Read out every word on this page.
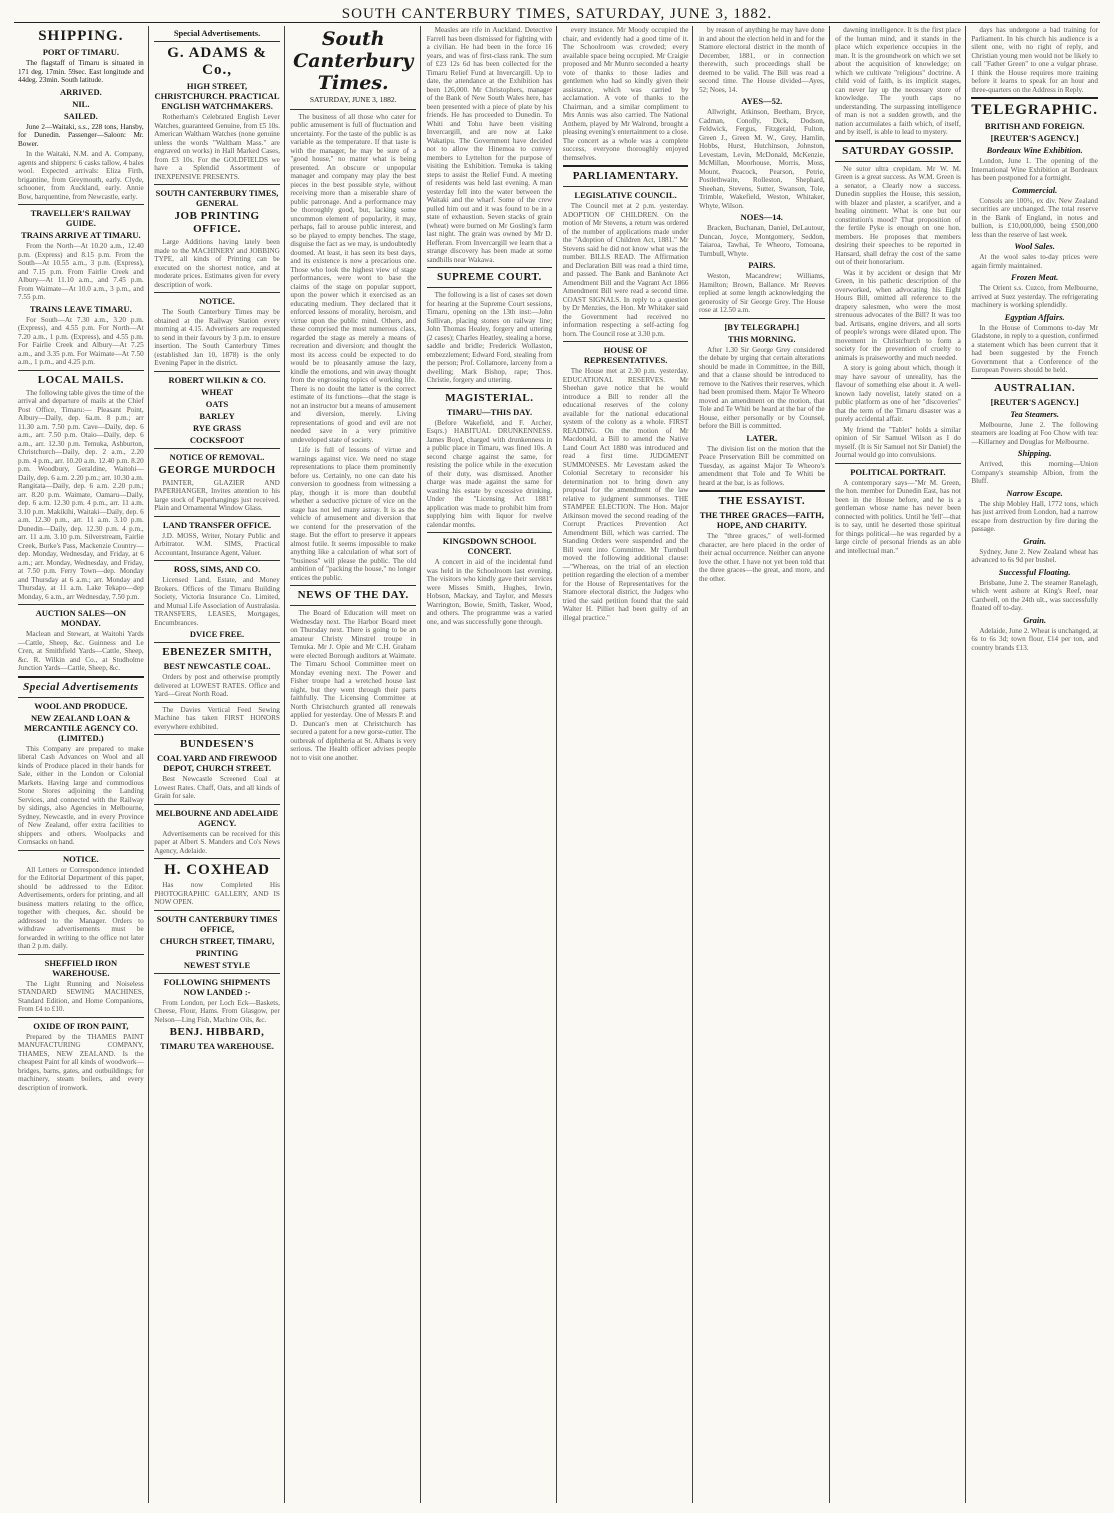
SOUTH CANTERBURY TIMES, SATURDAY, JUNE 3, 1882.
SHIPPING.
PORT OF TIMARU.

The flagstaff of Timaru is situated in 171 deg. 17min. 59sec. East longitude and 44deg. 23min. South latitude.

ARRIVED.
NIL.
SAILED.

June 2—Waitaki, s.s., 228 tons, Hansby, for Dunedin. Passenger—Saloon: Mr. Bower.

In the Waitaki, N.M. and A. Company, agents and shippers: 6 casks tallow, 4 bales wool. Expected arrivals: Eliza Firth, brigantine, from Greymouth, early. Clyde, schooner, from Auckland, early. Annie Bow, barquentine, from Newcastle, early.

TRAVELLER'S RAILWAY GUIDE.
TRAINS ARRIVE AT TIMARU.

From the North—At 10.20 a.m., 12.40 p.m. (Express) and 8.15 p.m. From the South—At 10.55 a.m., 3 p.m. (Express), and 7.15 p.m. From Fairlie Creek and Albury—At 11.10 a.m., and 7.45 p.m. From Waimate—At 10.0 a.m., 3 p.m., and 7.55 p.m.

TRAINS LEAVE TIMARU.

For South—At 7.30 a.m., 3.20 p.m. (Express), and 4.55 p.m. For North—At 7.20 a.m., 1 p.m. (Express), and 4.55 p.m. For Fairlie Creek and Albury—At 7.25 a.m., and 3.35 p.m. For Waimate—At 7.50 a.m., 1 p.m., and 4.25 p.m.

LOCAL MAILS.

The following table gives the time of the arrival and departure of mails at the Chief Post Office, Timaru:— Pleasant Point, Albury—Daily, dep. 6a.m. 8 p.m.; arr 11.30 a.m. 7.50 p.m. Cave—Daily, dep. 6 a.m., arr. 7.50 p.m. Otaio—Daily, dep. 6 a.m., arr. 12.30 p.m. Temuka, Ashburton, Christchurch—Daily, dep. 2 a.m., 2.20 p.m. 4 p.m., arr. 10.20 a.m. 12.40 p.m. 8.20 p.m. Woodbury, Geraldine, Waitohi—Daily, dep. 6 a.m. 2.20 p.m.; arr. 10.30 a.m. Rangitata—Daily, dep. 6 a.m. 2.20 p.m.; arr. 8.20 p.m. Waimate, Oamaru—Daily, dep. 6 a.m. 12.30 p.m. 4 p.m., arr. 11 a.m. 3.10 p.m. Makikihi, Waitaki—Daily, dep. 6 a.m. 12.30 p.m., arr. 11 a.m. 3.10 p.m. Dunedin—Daily, dep. 12.30 p.m. 4 p.m., arr. 11 a.m. 3.10 p.m. Silverstream, Fairlie Creek, Burke's Pass, Mackenzie Country—dep. Monday, Wednesday, and Friday, at 6 a.m.; arr. Monday, Wednesday, and Friday, at 7.50 p.m. Ferry Town—dep. Monday and Thursday at 6 a.m.; arr. Monday and Thursday, at 11 a.m. Lake Tekapo—dep Monday, 6 a.m., arr Wednesday, 7.50 p.m.

AUCTION SALES—ON MONDAY.

Maclean and Stewart, at Waitohi Yards—Cattle, Sheep, &c. Guinness and Le Cren, at Smithfield Yards—Cattle, Sheep, &c. R. Wilkin and Co., at Studholme Junction Yards—Cattle, Sheep, &c.

Special Advertisements
WOOL AND PRODUCE.
NEW ZEALAND LOAN & MERCANTILE AGENCY CO. (LIMITED.)

This Company are prepared to make liberal Cash Advances on Wool and all kinds of Produce placed in their hands for Sale, either in the London or Colonial Markets. Having large and commodious Stone Stores adjoining the Landing Services, and connected with the Railway by sidings, also Agencies in Melbourne, Sydney, Newcastle, and in every Province of New Zealand, offer extra facilities to shippers and others. Woolpacks and Cornsacks on hand.

NOTICE.

All Letters or Correspondence intended for the Editorial Department of this paper, should be addressed to the Editor. Advertisements, orders for printing, and all business matters relating to the office, together with cheques, &c. should be addressed to the Manager. Orders to withdraw advertisements must be forwarded in writing to the office not later than 2 p.m. daily.

SHEFFIELD IRON WAREHOUSE.

The Light Running and Noiseless STANDARD SEWING MACHINES, Standard Edition, and Home Companions, From £4 to £10.

OXIDE OF IRON PAINT,

Prepared by the THAMES PAINT MANUFACTURING COMPANY, THAMES, NEW ZEALAND. Is the cheapest Paint for all kinds of woodwork—bridges, barns, gates, and outbuildings; for machinery, steam boilers, and every description of ironwork.

Special Advertisements.
G. ADAMS & Co.,
HIGH STREET, CHRISTCHURCH. PRACTICAL ENGLISH WATCHMAKERS.

Rotherham's Celebrated English Lever Watches, guaranteed Genuine, from £5 10s. American Waltham Watches (none genuine unless the words "Waltham Mass." are engraved on works) in Hall Marked Cases, from £3 10s. For the GOLDFIELDS we have a Splendid Assortment of INEXPENSIVE PRESENTS.

SOUTH CANTERBURY TIMES, GENERAL
JOB PRINTING OFFICE.

Large Additions having lately been made to the MACHINERY and JOBBING TYPE, all kinds of Printing can be executed on the shortest notice, and at moderate prices. Estimates given for every description of work.

NOTICE.

The South Canterbury Times may be obtained at the Railway Station every morning at 4.15. Advertisers are requested to send in their favours by 3 p.m. to ensure insertion. The South Canterbury Times (established Jan 10, 1878) is the only Evening Paper in the district.

ROBERT WILKIN & CO.
WHEAT
OATS
BARLEY
RYE GRASS
COCKSFOOT
NOTICE OF REMOVAL.
GEORGE MURDOCH

PAINTER, GLAZIER AND PAPERHANGER, Invites attention to his large stock of Paperhangings just received. Plain and Ornamental Window Glass.

LAND TRANSFER OFFICE.

J.D. MOSS, Writer, Notary Public and Arbitrator. W.M. SIMS, Practical Accountant, Insurance Agent, Valuer.

ROSS, SIMS, AND CO.

Licensed Land, Estate, and Money Brokers. Offices of the Timaru Building Society, Victoria Insurance Co. Limited, and Mutual Life Association of Australasia. TRANSFERS, LEASES, Mortgages, Encumbrances.

DVICE FREE.
EBENEZER SMITH,
BEST NEWCASTLE COAL.

Orders by post and otherwise promptly delivered at LOWEST RATES. Office and Yard—Great North Road.

The Davies Vertical Feed Sewing Machine has taken FIRST HONORS everywhere exhibited.

BUNDESEN'S
COAL YARD AND FIREWOOD DEPOT, CHURCH STREET.

Best Newcastle Screened Coal at Lowest Rates. Chaff, Oats, and all kinds of Grain for sale.

MELBOURNE AND ADELAIDE AGENCY.

Advertisements can be received for this paper at Albert S. Manders and Co's News Agency, Adelaide.

H. COXHEAD

Has now Completed His PHOTOGRAPHIC GALLERY, AND IS NOW OPEN.

SOUTH CANTERBURY TIMES OFFICE,
CHURCH STREET, TIMARU,
PRINTING
NEWEST STYLE
FOLLOWING SHIPMENTS NOW LANDED :-

From London, per Loch Eck—Baskets, Cheese, Flour, Hams. From Glasgow, per Nelson—Ling Fish, Machine Oils, &c.

BENJ. HIBBARD,
TIMARU TEA WAREHOUSE.
South Canterbury Times.
SATURDAY, JUNE 3, 1882.

The business of all those who cater for public amusement is full of fluctuation and uncertainty. For the taste of the public is as variable as the temperature. If that taste is with the manager, he may be sure of a "good house," no matter what is being presented. An obscure or unpopular manager and company may play the best pieces in the best possible style, without receiving more than a miserable share of public patronage. And a performance may be thoroughly good, but, lacking some uncommon element of popularity, it may, perhaps, fail to arouse public interest, and so be played to empty benches. The stage, disguise the fact as we may, is undoubtedly doomed. At least, it has seen its best days, and its existence is now a precarious one. Those who look the highest view of stage performances, were wont to base the claims of the stage on popular support, upon the power which it exercised as an educating medium. They declared that it enforced lessons of morality, heroism, and virtue upon the public mind. Others, and these comprised the most numerous class, regarded the stage as merely a means of recreation and diversion; and thought the most its access could be expected to do would be to pleasantly amuse the lazy, kindle the emotions, and win away thought from the engrossing topics of working life. There is no doubt the latter is the correct estimate of its functions—that the stage is not an instructor but a means of amusement and diversion, merely. Living representations of good and evil are not needed save in a very primitive undeveloped state of society.

Life is full of lessons of virtue and warnings against vice. We need no stage representations to place them prominently before us. Certainly, no one can date his conversion to goodness from witnessing a play, though it is more than doubtful whether a seductive picture of vice on the stage has not led many astray. It is as the vehicle of amusement and diversion that we contend for the preservation of the stage. But the effort to preserve it appears almost futile. It seems impossible to make anything like a calculation of what sort of "business" will please the public. The old ambition of "packing the house," no longer entices the public.

NEWS OF THE DAY.

The Board of Education will meet on Wednesday next. The Harbor Board meet on Thursday next. There is going to be an amateur Christy Minstrel troupe in Temuka. Mr J. Opie and Mr C.H. Graham were elected Borough auditors at Waimate. The Timaru School Committee meet on Monday evening next. The Power and Fisher troupe had a wretched house last night, but they went through their parts faithfully. The Licensing Committee at North Christchurch granted all renewals applied for yesterday. One of Messrs P. and D. Duncan's men at Christchurch has secured a patent for a new gorse-cutter. The outbreak of diphtheria at St. Albans is very serious. The Health officer advises people not to visit one another.

Measles are rife in Auckland. Detective Farrell has been dismissed for fighting with a civilian. He had been in the force 16 years, and was of first-class rank. The sum of £23 12s 6d has been collected for the Timaru Relief Fund at Invercargill. Up to date, the attendance at the Exhibition has been 126,000. Mr Christophers, manager of the Bank of New South Wales here, has been presented with a piece of plate by his friends. He has proceeded to Dunedin. To Whiti and Tohu have been visiting Invercargill, and are now at Lake Wakatipu. The Government have decided not to allow the Hinemoa to convey members to Lyttelton for the purpose of visiting the Exhibition. Temuka is taking steps to assist the Relief Fund. A meeting of residents was held last evening. A man yesterday fell into the water between the Waitaki and the wharf. Some of the crew pulled him out and it was found to be in a state of exhaustion. Seven stacks of grain (wheat) were burned on Mr Gosling's farm last night. The grain was owned by Mr D. Hefferan. From Invercargill we learn that a strange discovery has been made at some sandhills near Wakawa.

SUPREME COURT.

The following is a list of cases set down for hearing at the Supreme Court sessions, Timaru, opening on the 13th inst:—John Sullivan, placing stones on railway line; John Thomas Healey, forgery and uttering (2 cases); Charles Heatley, stealing a horse, saddle and bridle; Frederick Wollaston, embezzlement; Edward Ford, stealing from the person; Prof. Collamore, larceny from a dwelling; Mark Bishop, rape; Thos. Christie, forgery and uttering.

MAGISTERIAL.
TIMARU—THIS DAY.

(Before Wakefield, and F. Archer, Esqrs.) HABITUAL DRUNKENNESS. James Boyd, charged with drunkenness in a public place in Timaru, was fined 10s. A second charge against the same, for resisting the police while in the execution of their duty, was dismissed. Another charge was made against the same for wasting his estate by excessive drinking. Under the "Licensing Act 1881" application was made to prohibit him from supplying him with liquor for twelve calendar months.

KINGSDOWN SCHOOL CONCERT.

A concert in aid of the incidental fund was held in the Schoolroom last evening. The visitors who kindly gave their services were Misses Smith, Hughes, Irwin, Hobson, Mackay, and Taylor, and Messrs Warrington, Bowie, Smith, Tasker, Wood, and others. The programme was a varied one, and was successfully gone through.

every instance. Mr Moody occupied the chair, and evidently had a good time of it. The Schoolroom was crowded; every available space being occupied. Mr Craigie proposed and Mr Munro seconded a hearty vote of thanks to those ladies and gentlemen who had so kindly given their assistance, which was carried by acclamation. A vote of thanks to the Chairman, and a similar compliment to Mrs Annis was also carried. The National Anthem, played by Mr Walrond, brought a pleasing evening's entertainment to a close. The concert as a whole was a complete success, everyone thoroughly enjoyed themselves.

PARLIAMENTARY.
LEGISLATIVE COUNCIL.

The Council met at 2 p.m. yesterday. ADOPTION OF CHILDREN. On the motion of Mr Stevens, a return was ordered of the number of applications made under the "Adoption of Children Act, 1881." Mr Stevens said he did not know what was the number. BILLS READ. The Affirmation and Declaration Bill was read a third time, and passed. The Bank and Banknote Act Amendment Bill and the Vagrant Act 1866 Amendment Bill were read a second time. COAST SIGNALS. In reply to a question by Dr Menzies, the Hon. Mr Whitaker said the Government had received no information respecting a self-acting fog horn. The Council rose at 3.30 p.m.

HOUSE OF REPRESENTATIVES.

The House met at 2.30 p.m. yesterday. EDUCATIONAL RESERVES. Mr Sheehan gave notice that he would introduce a Bill to render all the educational reserves of the colony available for the national educational system of the colony as a whole. FIRST READING. On the motion of Mr Macdonald, a Bill to amend the Native Land Court Act 1880 was introduced and read a first time. JUDGMENT SUMMONSES. Mr Levestam asked the Colonial Secretary to reconsider his determination not to bring down any proposal for the amendment of the law relative to judgment summonses. THE STAMPEE ELECTION. The Hon. Major Atkinson moved the second reading of the Corrupt Practices Prevention Act Amendment Bill, which was carried. The Standing Orders were suspended and the Bill went into Committee. Mr Turnbull moved the following additional clause:—"Whereas, on the trial of an election petition regarding the election of a member for the House of Representatives for the Stamore electoral district, the Judges who tried the said petition found that the said Walter H. Pilliet had been guilty of an illegal practice."

by reason of anything he may have done in and about the election held in and for the Stamore electoral district in the month of December, 1881, or in connection therewith, such proceedings shall be deemed to be valid. The Bill was read a second time. The House divided—Ayes, 52; Noes, 14.

AYES—52.

Allwright, Atkinson, Beetham, Bryce, Cadman, Conolly, Dick, Dodson, Feldwick, Fergus, Fitzgerald, Fulton, Green J., Green M. W., Grey, Hamlin, Hobbs, Hurst, Hutchinson, Johnston, Levestam, Levin, McDonald, McKenzie, McMillan, Moorhouse, Morris, Moss, Mount, Peacock, Pearson, Petrie, Postlethwaite, Rolleston, Shephard, Sheehan, Stevens, Sutter, Swanson, Tole, Trimble, Wakefield, Weston, Whitaker, Whyte, Wilson.

NOES—14.

Bracken, Buchanan, Daniel, DeLautour, Duncan, Joyce, Montgomery, Seddon, Taiaroa, Tawhai, Te Wheoro, Tomoana, Turnbull, Whyte.

PAIRS.

Weston, Macandrew; Williams, Hamilton; Brown, Ballance. Mr Reeves replied at some length acknowledging the generosity of Sir George Grey. The House rose at 12.50 a.m.

[BY TELEGRAPH.]
THIS MORNING.

After 1.30 Sir George Grey considered the debate by urging that certain alterations should be made in Committee, in the Bill, and that a clause should be introduced to remove to the Natives their reserves, which had been promised them. Major Te Wheoro moved an amendment on the motion, that Tole and Te Whiti be heard at the bar of the House, either personally or by Counsel, before the Bill is committed.

LATER.

The division list on the motion that the Peace Preservation Bill be committed on Tuesday, as against Major Te Wheoro's amendment that Tole and Te Whiti be heard at the bar, is as follows.

THE ESSAYIST.
THE THREE GRACES—FAITH, HOPE, AND CHARITY.

The "three graces," of well-formed character, are here placed in the order of their actual occurrence. Neither can anyone love the other. I have not yet been told that the three graces—the great, and more, and the other.

dawning intelligence. It is the first place of the human mind, and it stands in the place which experience occupies in the man. It is the groundwork on which we set about the acquisition of knowledge; on which we cultivate "religious" doctrine. A child void of faith, is its implicit stages, can never lay up the necessary store of knowledge. The youth caps no understanding. The surpassing intelligence of man is not a sudden growth, and the nation accumulates a faith which, of itself, and by itself, is able to lead to mystery.

SATURDAY GOSSIP.

Ne sutor ultra crepidam. Mr W. M. Green is a great success. As W.M. Green is a senator, a Clearly now a success. Dunedin supplies the House, this session, with blazer and plaster, a scarifyer, and a healing ointment. What is one but our constitution's mood? That proposition of the fertile Pyke is enough on one hon. members. He proposes that members desiring their speeches to be reported in Hansard, shall defray the cost of the same out of their honorarium.

Was it by accident or design that Mr Green, in his pathetic description of the overworked, when advocating his Eight Hours Bill, omitted all reference to the drapery salesmen, who were the most strenuous advocates of the Bill? It was too bad. Artisans, engine drivers, and all sorts of people's wrongs were dilated upon. The movement in Christchurch to form a society for the prevention of cruelty to animals is praiseworthy and much needed.

A story is going about which, though it may have savour of unreality, has the flavour of something else about it. A well-known lady novelist, lately stated on a public platform as one of her "discoveries" that the term of the Timaru disaster was a purely accidental affair.

My friend the "Tablet" holds a similar opinion of Sir Samuel Wilson as I do myself. (It is Sir Samuel not Sir Daniel) the Journal would go into convulsions.

POLITICAL PORTRAIT.

A contemporary says—"Mr M. Green, the hon. member for Dunedin East, has not been in the House before, and he is a gentleman whose name has never been connected with politics. Until he 'fell'—that is to say, until he deserted those spiritual for things political—he was regarded by a large circle of personal friends as an able and intellectual man."

days has undergone a bad training for Parliament. In his church his audience is a silent one, with no right of reply, and Christian young men would not be likely to call "Father Green" to one a vulgar phrase. I think the House requires more training before it learns to speak for an hour and three-quarters on the Address in Reply.

TELEGRAPHIC.
BRITISH AND FOREIGN.
[REUTER'S AGENCY.]
Bordeaux Wine Exhibition.

London, June 1. The opening of the International Wine Exhibition at Bordeaux has been postponed for a fortnight.

Commercial.

Consols are 100¾, ex div. New Zealand securities are unchanged. The total reserve in the Bank of England, in notes and bullion, is £10,000,000, being £500,000 less than the reserve of last week.

Wool Sales.

At the wool sales to-day prices were again firmly maintained.

Frozen Meat.

The Orient s.s. Cuzco, from Melbourne, arrived at Suez yesterday. The refrigerating machinery is working splendidly.

Egyptian Affairs.

In the House of Commons to-day Mr Gladstone, in reply to a question, confirmed a statement which has been current that it had been suggested by the French Government that a Conference of the European Powers should be held.

AUSTRALIAN.
[REUTER'S AGENCY.]
Tea Steamers.

Melbourne, June 2. The following steamers are loading at Foo Chow with tea:—Killarney and Douglas for Melbourne.

Shipping.

Arrived, this morning—Union Company's steamship Albion, from the Bluff.

Narrow Escape.

The ship Mobley Hall, 1772 tons, which has just arrived from London, had a narrow escape from destruction by fire during the passage.

Grain.

Sydney, June 2. New Zealand wheat has advanced to 6s 9d per bushel.

Successful Floating.

Brisbane, June 2. The steamer Ranelagh, which went ashore at King's Reef, near Cardwell, on the 24th ult., was successfully floated off to-day.

Grain.

Adelaide, June 2. Wheat is unchanged, at 6s to 6s 3d; town flour, £14 per ton, and country brands £13.
